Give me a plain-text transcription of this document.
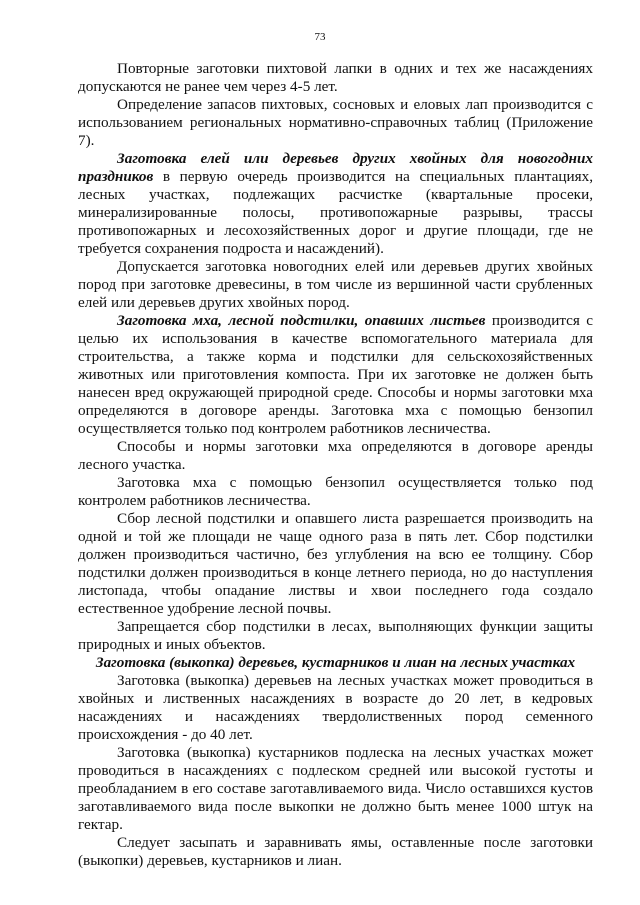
73

Повторные заготовки пихтовой лапки в одних и тех же насаждениях допускаются не ранее чем через 4-5 лет.

Определение запасов пихтовых, сосновых и еловых лап производится с использованием региональных нормативно-справочных таблиц (Приложение 7).

Заготовка елей или деревьев других хвойных для новогодних праздников в первую очередь производится на специальных плантациях, лесных участках, подлежащих расчистке (квартальные просеки, минерализированные полосы, противопожарные разрывы, трассы противопожарных и лесохозяйственных дорог и другие площади, где не требуется сохранения подроста и насаждений).

Допускается заготовка новогодних елей или деревьев других хвойных пород при заготовке древесины, в том числе из вершинной части срубленных елей или деревьев других хвойных пород.

Заготовка мха, лесной подстилки, опавших листьев производится с целью их использования в качестве вспомогательного материала для строительства, а также корма и подстилки для сельскохозяйственных животных или приготовления компоста. При их заготовке не должен быть нанесен вред окружающей природной среде. Способы и нормы заготовки мха определяются в договоре аренды. Заготовка мха с помощью бензопил осуществляется только под контролем работников лесничества.

Способы и нормы заготовки мха определяются в договоре аренды лесного участка.

Заготовка мха с помощью бензопил осуществляется только под контролем работников лесничества.

Сбор лесной подстилки и опавшего листа разрешается производить на одной и той же площади не чаще одного раза в пять лет. Сбор подстилки должен производиться частично, без углубления на всю ее толщину. Сбор подстилки должен производиться в конце летнего периода, но до наступления листопада, чтобы опадание листвы и хвои последнего года создало естественное удобрение лесной почвы.

Запрещается сбор подстилки в лесах, выполняющих функции защиты природных и иных объектов.

Заготовка (выкопка) деревьев, кустарников и лиан на лесных участках

Заготовка (выкопка) деревьев на лесных участках может проводиться в хвойных и лиственных насаждениях в возрасте до 20 лет, в кедровых насаждениях и насаждениях твердолиственных пород семенного происхождения - до 40 лет.

Заготовка (выкопка) кустарников подлеска на лесных участках может проводиться в насаждениях с подлеском средней или высокой густоты и преобладанием в его составе заготавливаемого вида. Число оставшихся кустов заготавливаемого вида после выкопки не должно быть менее 1000 штук на гектар.

Следует засыпать и заравнивать ямы, оставленные после заготовки (выкопки) деревьев, кустарников и лиан.
